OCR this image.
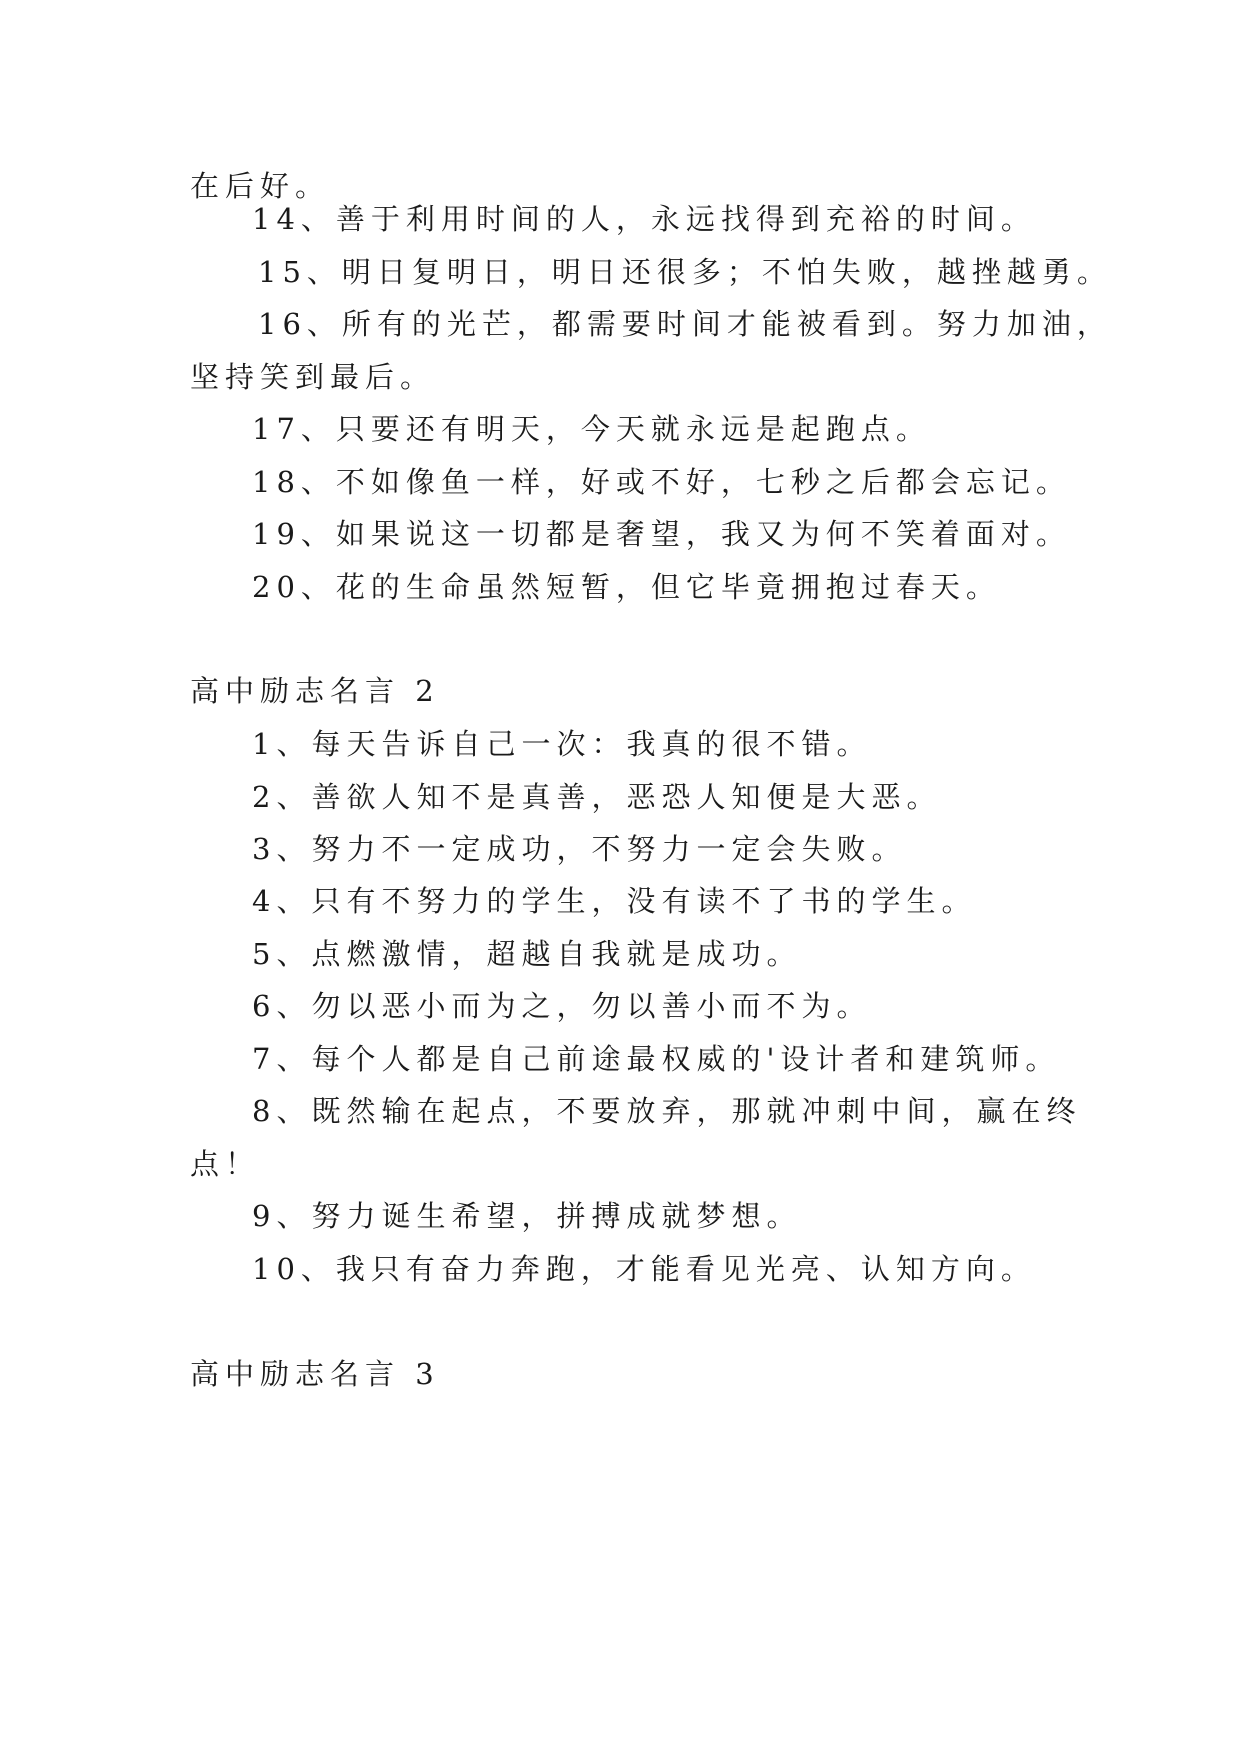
在后好。
14、善于利用时间的人，永远找得到充裕的时间。
15、明日复明日，明日还很多；不怕失败，越挫越勇。
16、所有的光芒，都需要时间才能被看到。努力加油，
坚持笑到最后。
17、只要还有明天，今天就永远是起跑点。
18、不如像鱼一样，好或不好，七秒之后都会忘记。
19、如果说这一切都是奢望，我又为何不笑着面对。
20、花的生命虽然短暂，但它毕竟拥抱过春天。
高中励志名言 2
1、每天告诉自己一次：我真的很不错。
2、善欲人知不是真善，恶恐人知便是大恶。
3、努力不一定成功，不努力一定会失败。
4、只有不努力的学生，没有读不了书的学生。
5、点燃激情，超越自我就是成功。
6、勿以恶小而为之，勿以善小而不为。
7、每个人都是自己前途最权威的'设计者和建筑师。
8、既然输在起点，不要放弃，那就冲刺中间，赢在终
点！
9、努力诞生希望，拼搏成就梦想。
10、我只有奋力奔跑，才能看见光亮、认知方向。
高中励志名言 3
